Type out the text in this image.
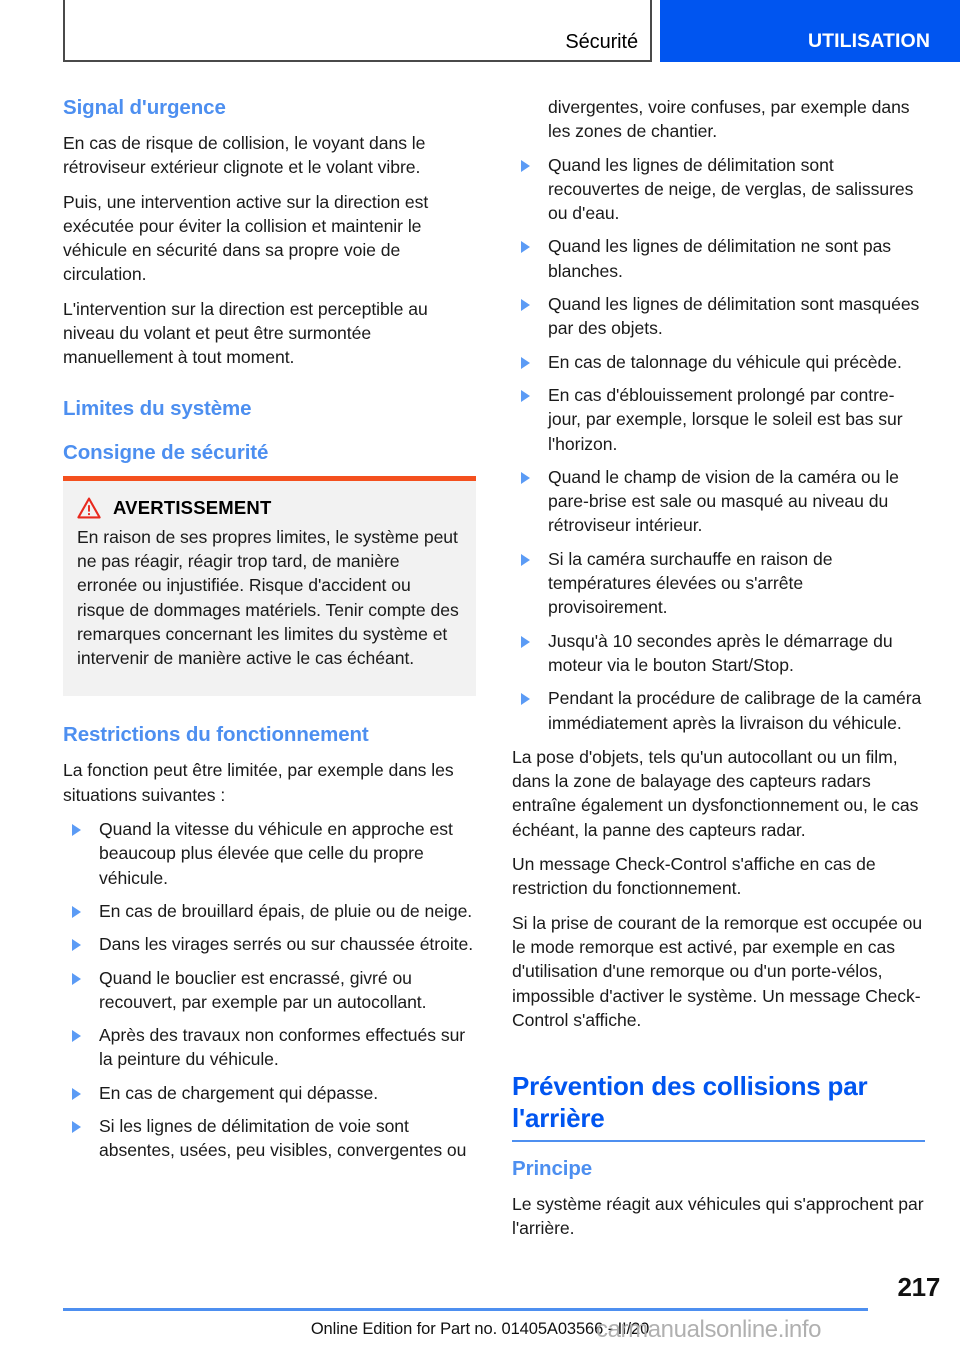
Sécurité	UTILISATION
Signal d'urgence

En cas de risque de collision, le voyant dans le rétroviseur extérieur clignote et le volant vibre.

Puis, une intervention active sur la direction est exécutée pour éviter la collision et maintenir le véhicule en sécurité dans sa propre voie de circulation.

L'intervention sur la direction est perceptible au niveau du volant et peut être surmontée manuellement à tout moment.

Limites du système
Consigne de sécurité
AVERTISSEMENT

En raison de ses propres limites, le système peut ne pas réagir, réagir trop tard, de manière erronée ou injustifiée. Risque d'accident ou risque de dommages matériels. Tenir compte des remarques concernant les limites du système et intervenir de manière active le cas échéant.

Restrictions du fonctionnement

La fonction peut être limitée, par exemple dans les situations suivantes :

Quand la vitesse du véhicule en approche est beaucoup plus élevée que celle du propre véhicule.
En cas de brouillard épais, de pluie ou de neige.
Dans les virages serrés ou sur chaussée étroite.
Quand le bouclier est encrassé, givré ou recouvert, par exemple par un autocollant.
Après des travaux non conformes effectués sur la peinture du véhicule.
En cas de chargement qui dépasse.
Si les lignes de délimitation de voie sont absentes, usées, peu visibles, convergentes ou

divergentes, voire confuses, par exemple dans les zones de chantier.

Quand les lignes de délimitation sont recouvertes de neige, de verglas, de salissures ou d'eau.
Quand les lignes de délimitation ne sont pas blanches.
Quand les lignes de délimitation sont masquées par des objets.
En cas de talonnage du véhicule qui précède.
En cas d'éblouissement prolongé par contre-jour, par exemple, lorsque le soleil est bas sur l'horizon.
Quand le champ de vision de la caméra ou le pare-brise est sale ou masqué au niveau du rétroviseur intérieur.
Si la caméra surchauffe en raison de températures élevées ou s'arrête provisoirement.
Jusqu'à 10 secondes après le démarrage du moteur via le bouton Start/Stop.
Pendant la procédure de calibrage de la caméra immédiatement après la livraison du véhicule.

La pose d'objets, tels qu'un autocollant ou un film, dans la zone de balayage des capteurs radars entraîne également un dysfonctionnement ou, le cas échéant, la panne des capteurs radar.

Un message Check-Control s'affiche en cas de restriction du fonctionnement.

Si la prise de courant de la remorque est occupée ou le mode remorque est activé, par exemple en cas d'utilisation d'une remorque ou d'un porte-vélos, impossible d'activer le système. Un message Check-Control s'affiche.

Prévention des collisions par l'arrière
Principe

Le système réagit aux véhicules qui s'approchent par l'arrière.

217
Online Edition for Part no. 01405A03566 - II/20
carmanualsonline.info
